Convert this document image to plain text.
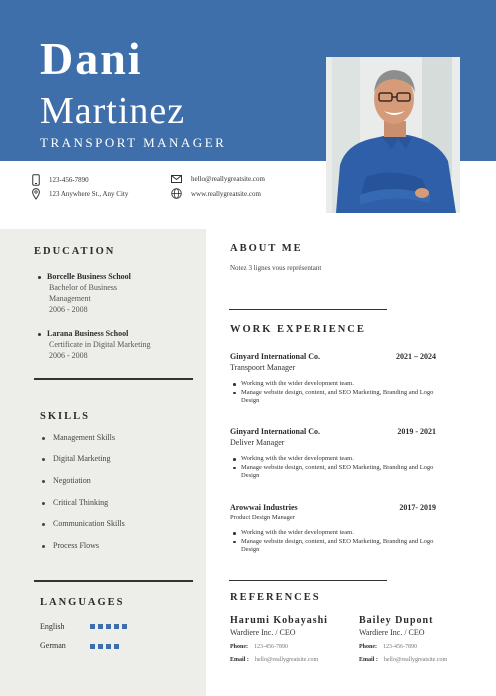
Dani
Martinez
TRANSPORT MANAGER
123-456-7890
123 Anywhere St., Any City
hello@reallygreatsite.com
www.reallygreatsite.com
EDUCATION
Borcelle Business School
Bachelor of Business
Management
2006 - 2008
Larana Business School
Certificate in Digital Marketing
2006 - 2008
SKILLS
Management Skills
Digital Marketing
Negotiation
Critical Thinking
Communication Skills
Process Flows
LANGUAGES
English
German
ABOUT ME
Notez 3 lignes vous représentant
WORK EXPERIENCE
Ginyard International Co.	2021 – 2024
Transpoort Manager
Working with the wider development team.
Manage website design, content, and SEO Marketing, Branding and Logo Design
Ginyard International Co.	2019 - 2021
Deliver Manager
Working with the wider development team.
Manage website design, content, and SEO Marketing, Branding and Logo Design
Arowwai Industries	2017- 2019
Product Design Manager
Working with the wider development team.
Manage website design, content, and SEO Marketing, Branding and Logo Design
REFERENCES
Harumi Kobayashi
Wardiere Inc. / CEO
Phone: 123-456-7890
Email : hello@reallygreatsite.com
Bailey Dupont
Wardiere Inc. / CEO
Phone: 123-456-7890
Email : hello@reallygreatsite.com
